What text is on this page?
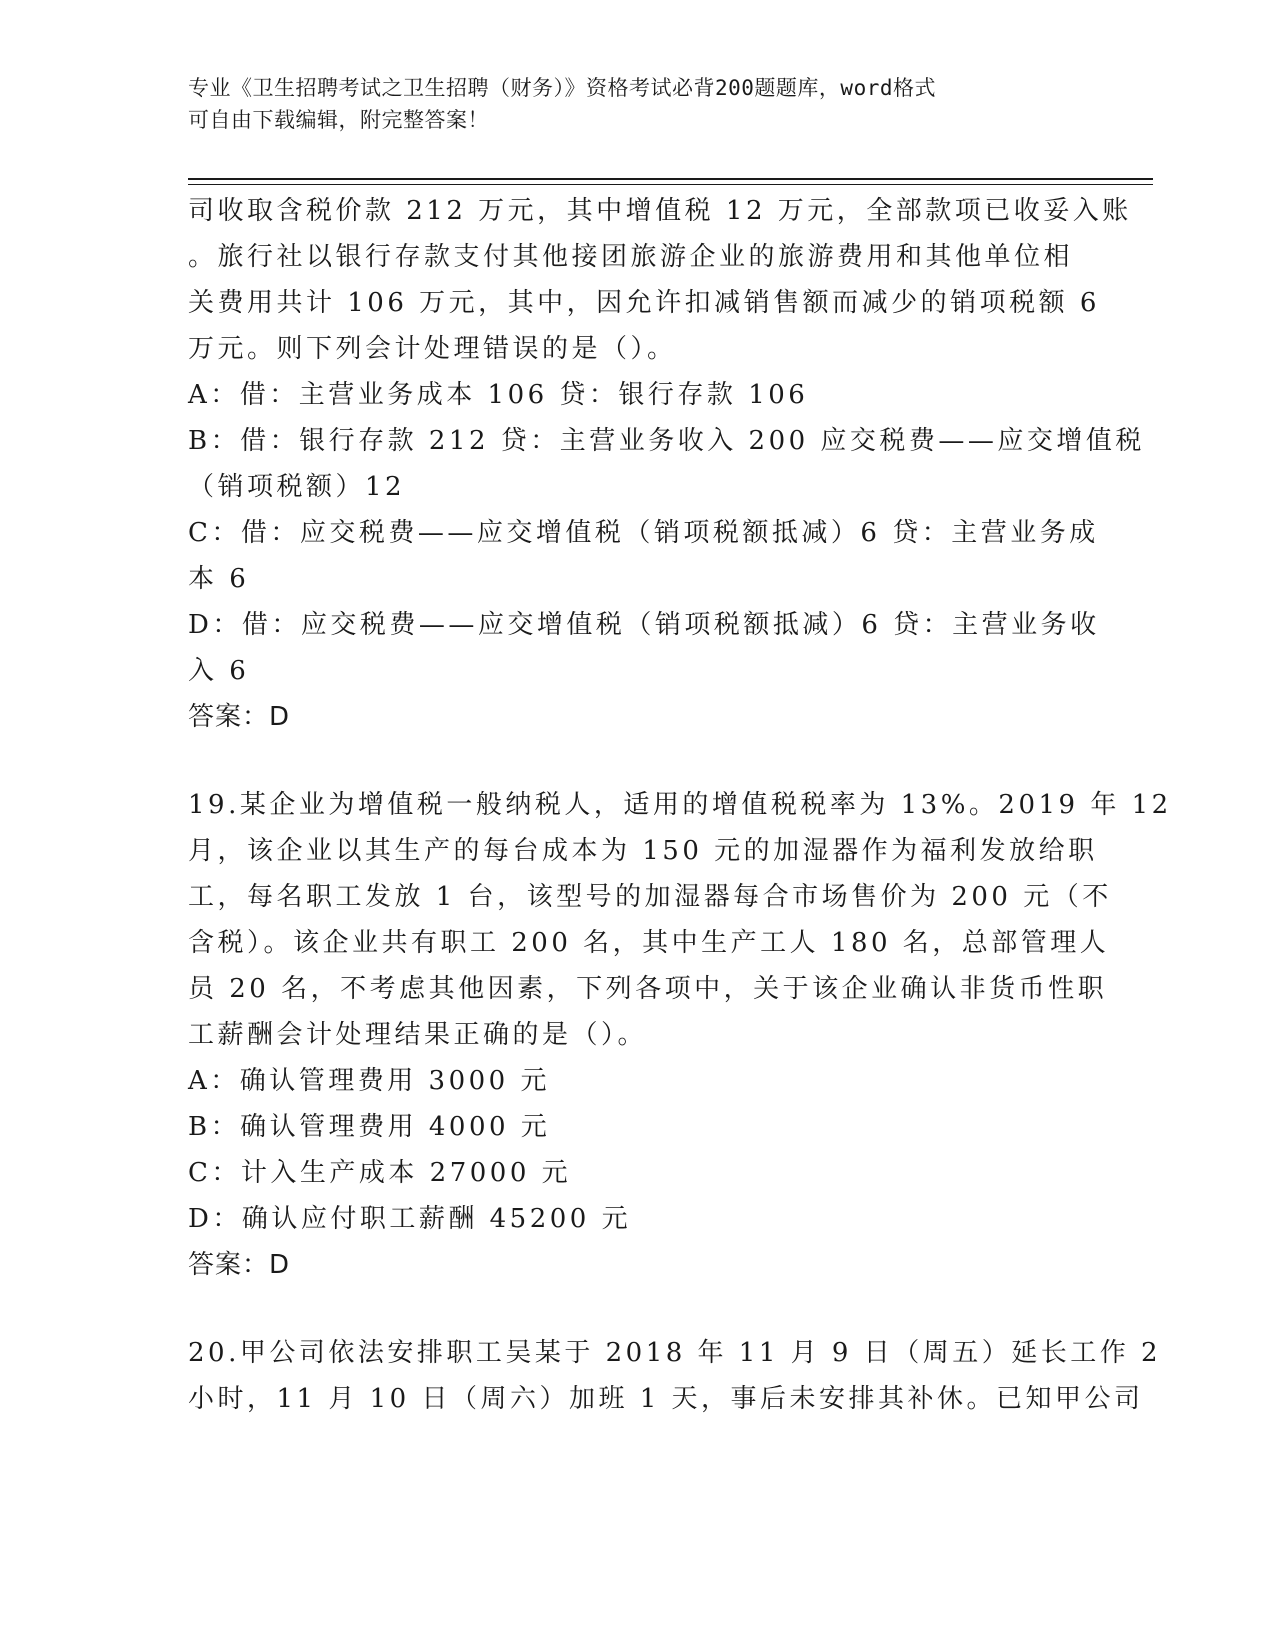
专业《卫生招聘考试之卫生招聘（财务）》资格考试必背200题题库，word格式
可自由下载编辑，附完整答案！
司收取含税价款 212 万元，其中增值税 12 万元，全部款项已收妥入账
。旅行社以银行存款支付其他接团旅游企业的旅游费用和其他单位相
关费用共计 106 万元，其中，因允许扣减销售额而减少的销项税额 6
万元。则下列会计处理错误的是（）。
A：借：主营业务成本 106 贷：银行存款 106
B：借：银行存款 212 贷：主营业务收入 200 应交税费——应交增值税
（销项税额）12
C：借：应交税费——应交增值税（销项税额抵减）6 贷：主营业务成
本 6
D：借：应交税费——应交增值税（销项税额抵减）6 贷：主营业务收
入 6
答案：D
19.某企业为增值税一般纳税人，适用的增值税税率为 13%。2019 年 12
月，该企业以其生产的每台成本为 150 元的加湿器作为福利发放给职
工，每名职工发放 1 台，该型号的加湿器每合市场售价为 200 元（不
含税）。该企业共有职工 200 名，其中生产工人 180 名，总部管理人
员 20 名，不考虑其他因素，下列各项中，关于该企业确认非货币性职
工薪酬会计处理结果正确的是（）。
A：确认管理费用 3000 元
B：确认管理费用 4000 元
C：计入生产成本 27000 元
D：确认应付职工薪酬 45200 元
答案：D
20.甲公司依法安排职工吴某于 2018 年 11 月 9 日（周五）延长工作 2
小时，11 月 10 日（周六）加班 1 天，事后未安排其补休。已知甲公司
